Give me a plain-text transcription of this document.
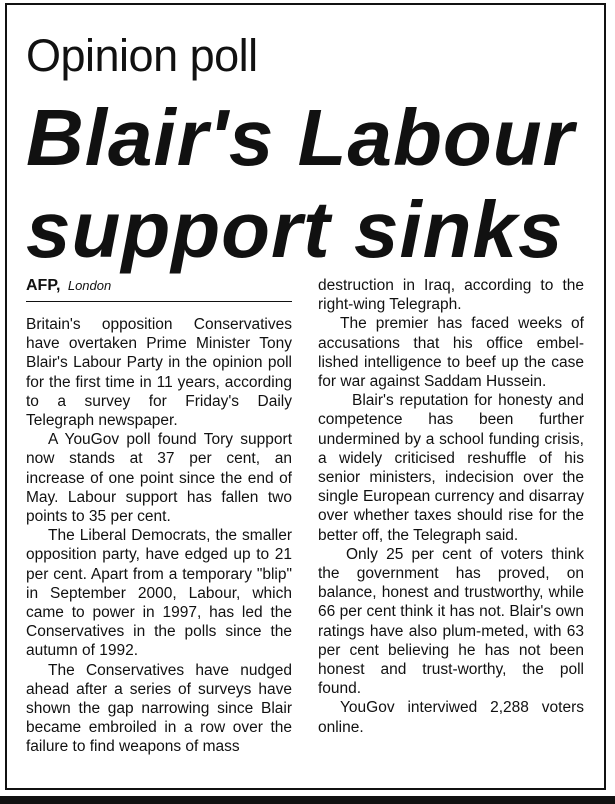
Opinion poll
Blair's Labour
support sinks
AFP, London

Britain's opposition Conservatives have overtaken Prime Minister Tony Blair's Labour Party in the opinion poll for the first time in 11 years, according to a survey for Friday's Daily Telegraph newspaper.

A YouGov poll found Tory support now stands at 37 per cent, an increase of one point since the end of May. Labour support has fallen two points to 35 per cent.

The Liberal Democrats, the smaller opposition party, have edged up to 21 per cent. Apart from a temporary "blip" in September 2000, Labour, which came to power in 1997, has led the Conservatives in the polls since the autumn of 1992.

The Conservatives have nudged ahead after a series of surveys have shown the gap narrowing since Blair became embroiled in a row over the failure to find weapons of mass

destruction in Iraq, according to the right-wing Telegraph.

The premier has faced weeks of accusations that his office embel-lished intelligence to beef up the case for war against Saddam Hussein.

Blair's reputation for honesty and competence has been further undermined by a school funding crisis, a widely criticised reshuffle of his senior ministers, indecision over the single European currency and disarray over whether taxes should rise for the better off, the Telegraph said.

Only 25 per cent of voters think the government has proved, on balance, honest and trustworthy, while 66 per cent think it has not. Blair's own ratings have also plum-meted, with 63 per cent believing he has not been honest and trust-worthy, the poll found.

YouGov interviwed 2,288 voters online.
